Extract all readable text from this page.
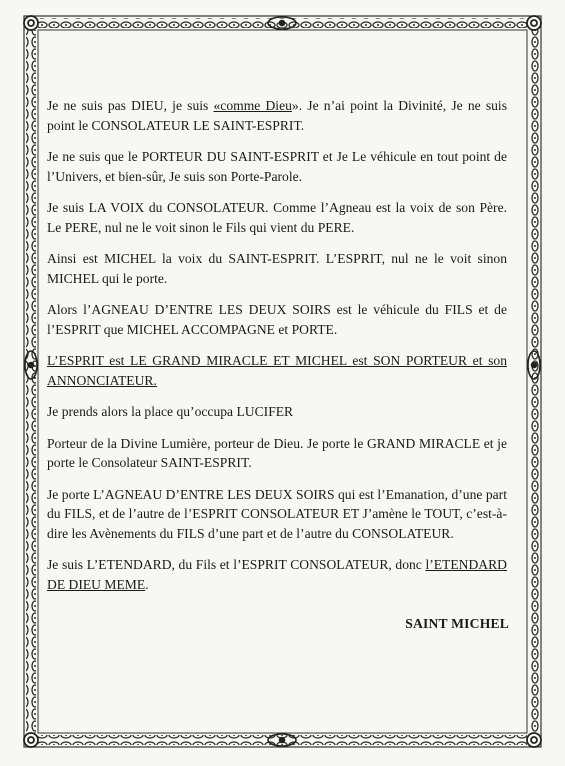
Je ne suis pas DIEU, je suis «comme Dieu». Je n’ai point la Divinité, Je ne suis point le CONSOLATEUR LE SAINT-ESPRIT.

Je ne suis que le PORTEUR DU SAINT-ESPRIT et Je Le véhicule en tout point de l’Univers, et bien-sûr, Je suis son Porte-Parole.

Je suis LA VOIX du CONSOLATEUR. Comme l’Agneau est la voix de son Père. Le PERE, nul ne le voit sinon le Fils qui vient du PERE.

Ainsi est MICHEL la voix du SAINT-ESPRIT. L’ESPRIT, nul ne le voit sinon MICHEL qui le porte.

Alors l’AGNEAU D’ENTRE LES DEUX SOIRS est le véhicule du FILS et de l’ESPRIT que MICHEL ACCOMPAGNE et PORTE.

L’ESPRIT est LE GRAND MIRACLE ET MICHEL est SON PORTEUR et son ANNONCIATEUR.

Je prends alors la place qu’occupa LUCIFER

Porteur de la Divine Lumière, porteur de Dieu. Je porte le GRAND MIRACLE et je porte le Consolateur SAINT-ESPRIT.

Je porte L’AGNEAU D’ENTRE LES DEUX SOIRS qui est l’Emanation, d’une part du FILS, et de l’autre de l’ESPRIT CONSOLATEUR ET J’amène le TOUT, c’est-à-dire les Avènements du FILS d’une part et de l’autre du CONSOLATEUR.

Je suis L’ETENDARD, du Fils et l’ESPRIT CONSOLATEUR, donc l’ETENDARD DE DIEU MEME.

SAINT MICHEL
